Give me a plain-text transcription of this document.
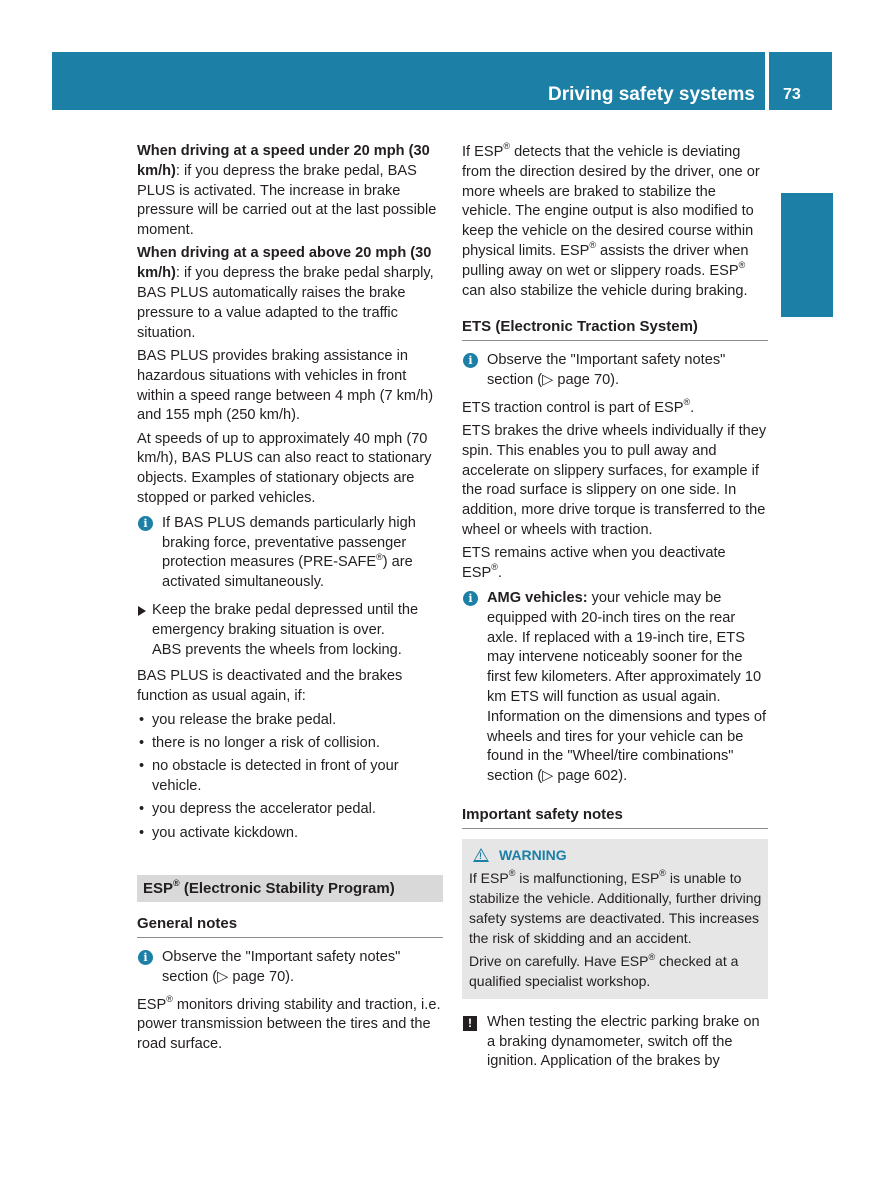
Driving safety systems 73
Safety

When driving at a speed under 20 mph (30 km/h): if you depress the brake pedal, BAS PLUS is activated. The increase in brake pressure will be carried out at the last possible moment.

When driving at a speed above 20 mph (30 km/h): if you depress the brake pedal sharply, BAS PLUS automatically raises the brake pressure to a value adapted to the traffic situation.

BAS PLUS provides braking assistance in hazardous situations with vehicles in front within a speed range between 4 mph (7 km/h) and 155 mph (250 km/h).

At speeds of up to approximately 40 mph (70 km/h), BAS PLUS can also react to stationary objects. Examples of stationary objects are stopped or parked vehicles.

i If BAS PLUS demands particularly high braking force, preventative passenger protection measures (PRE-SAFE®) are activated simultaneously.
Keep the brake pedal depressed until the emergency braking situation is over.
ABS prevents the wheels from locking.

BAS PLUS is deactivated and the brakes function as usual again, if:

• you release the brake pedal.
• there is no longer a risk of collision.
• no obstacle is detected in front of your vehicle.
• you depress the accelerator pedal.
• you activate kickdown.
ESP® (Electronic Stability Program)
General notes
i Observe the "Important safety notes" section (▷ page 70).

ESP® monitors driving stability and traction, i.e. power transmission between the tires and the road surface.

If ESP® detects that the vehicle is deviating from the direction desired by the driver, one or more wheels are braked to stabilize the vehicle. The engine output is also modified to keep the vehicle on the desired course within physical limits. ESP® assists the driver when pulling away on wet or slippery roads. ESP® can also stabilize the vehicle during braking.

ETS (Electronic Traction System)
i Observe the "Important safety notes" section (▷ page 70).

ETS traction control is part of ESP®.

ETS brakes the drive wheels individually if they spin. This enables you to pull away and accelerate on slippery surfaces, for example if the road surface is slippery on one side. In addition, more drive torque is transferred to the wheel or wheels with traction.

ETS remains active when you deactivate ESP®.

i AMG vehicles: your vehicle may be equipped with 20-inch tires on the rear axle. If replaced with a 19-inch tire, ETS may intervene noticeably sooner for the first few kilometers. After approximately 10 km ETS will function as usual again. Information on the dimensions and types of wheels and tires for your vehicle can be found in the "Wheel/tire combinations" section (▷ page 602).
Important safety notes
!
WARNING

If ESP® is malfunctioning, ESP® is unable to stabilize the vehicle. Additionally, further driving safety systems are deactivated. This increases the risk of skidding and an accident.

Drive on carefully. Have ESP® checked at a qualified specialist workshop.

!	When testing the electric parking brake on a braking dynamometer, switch off the ignition. Application of the brakes by
